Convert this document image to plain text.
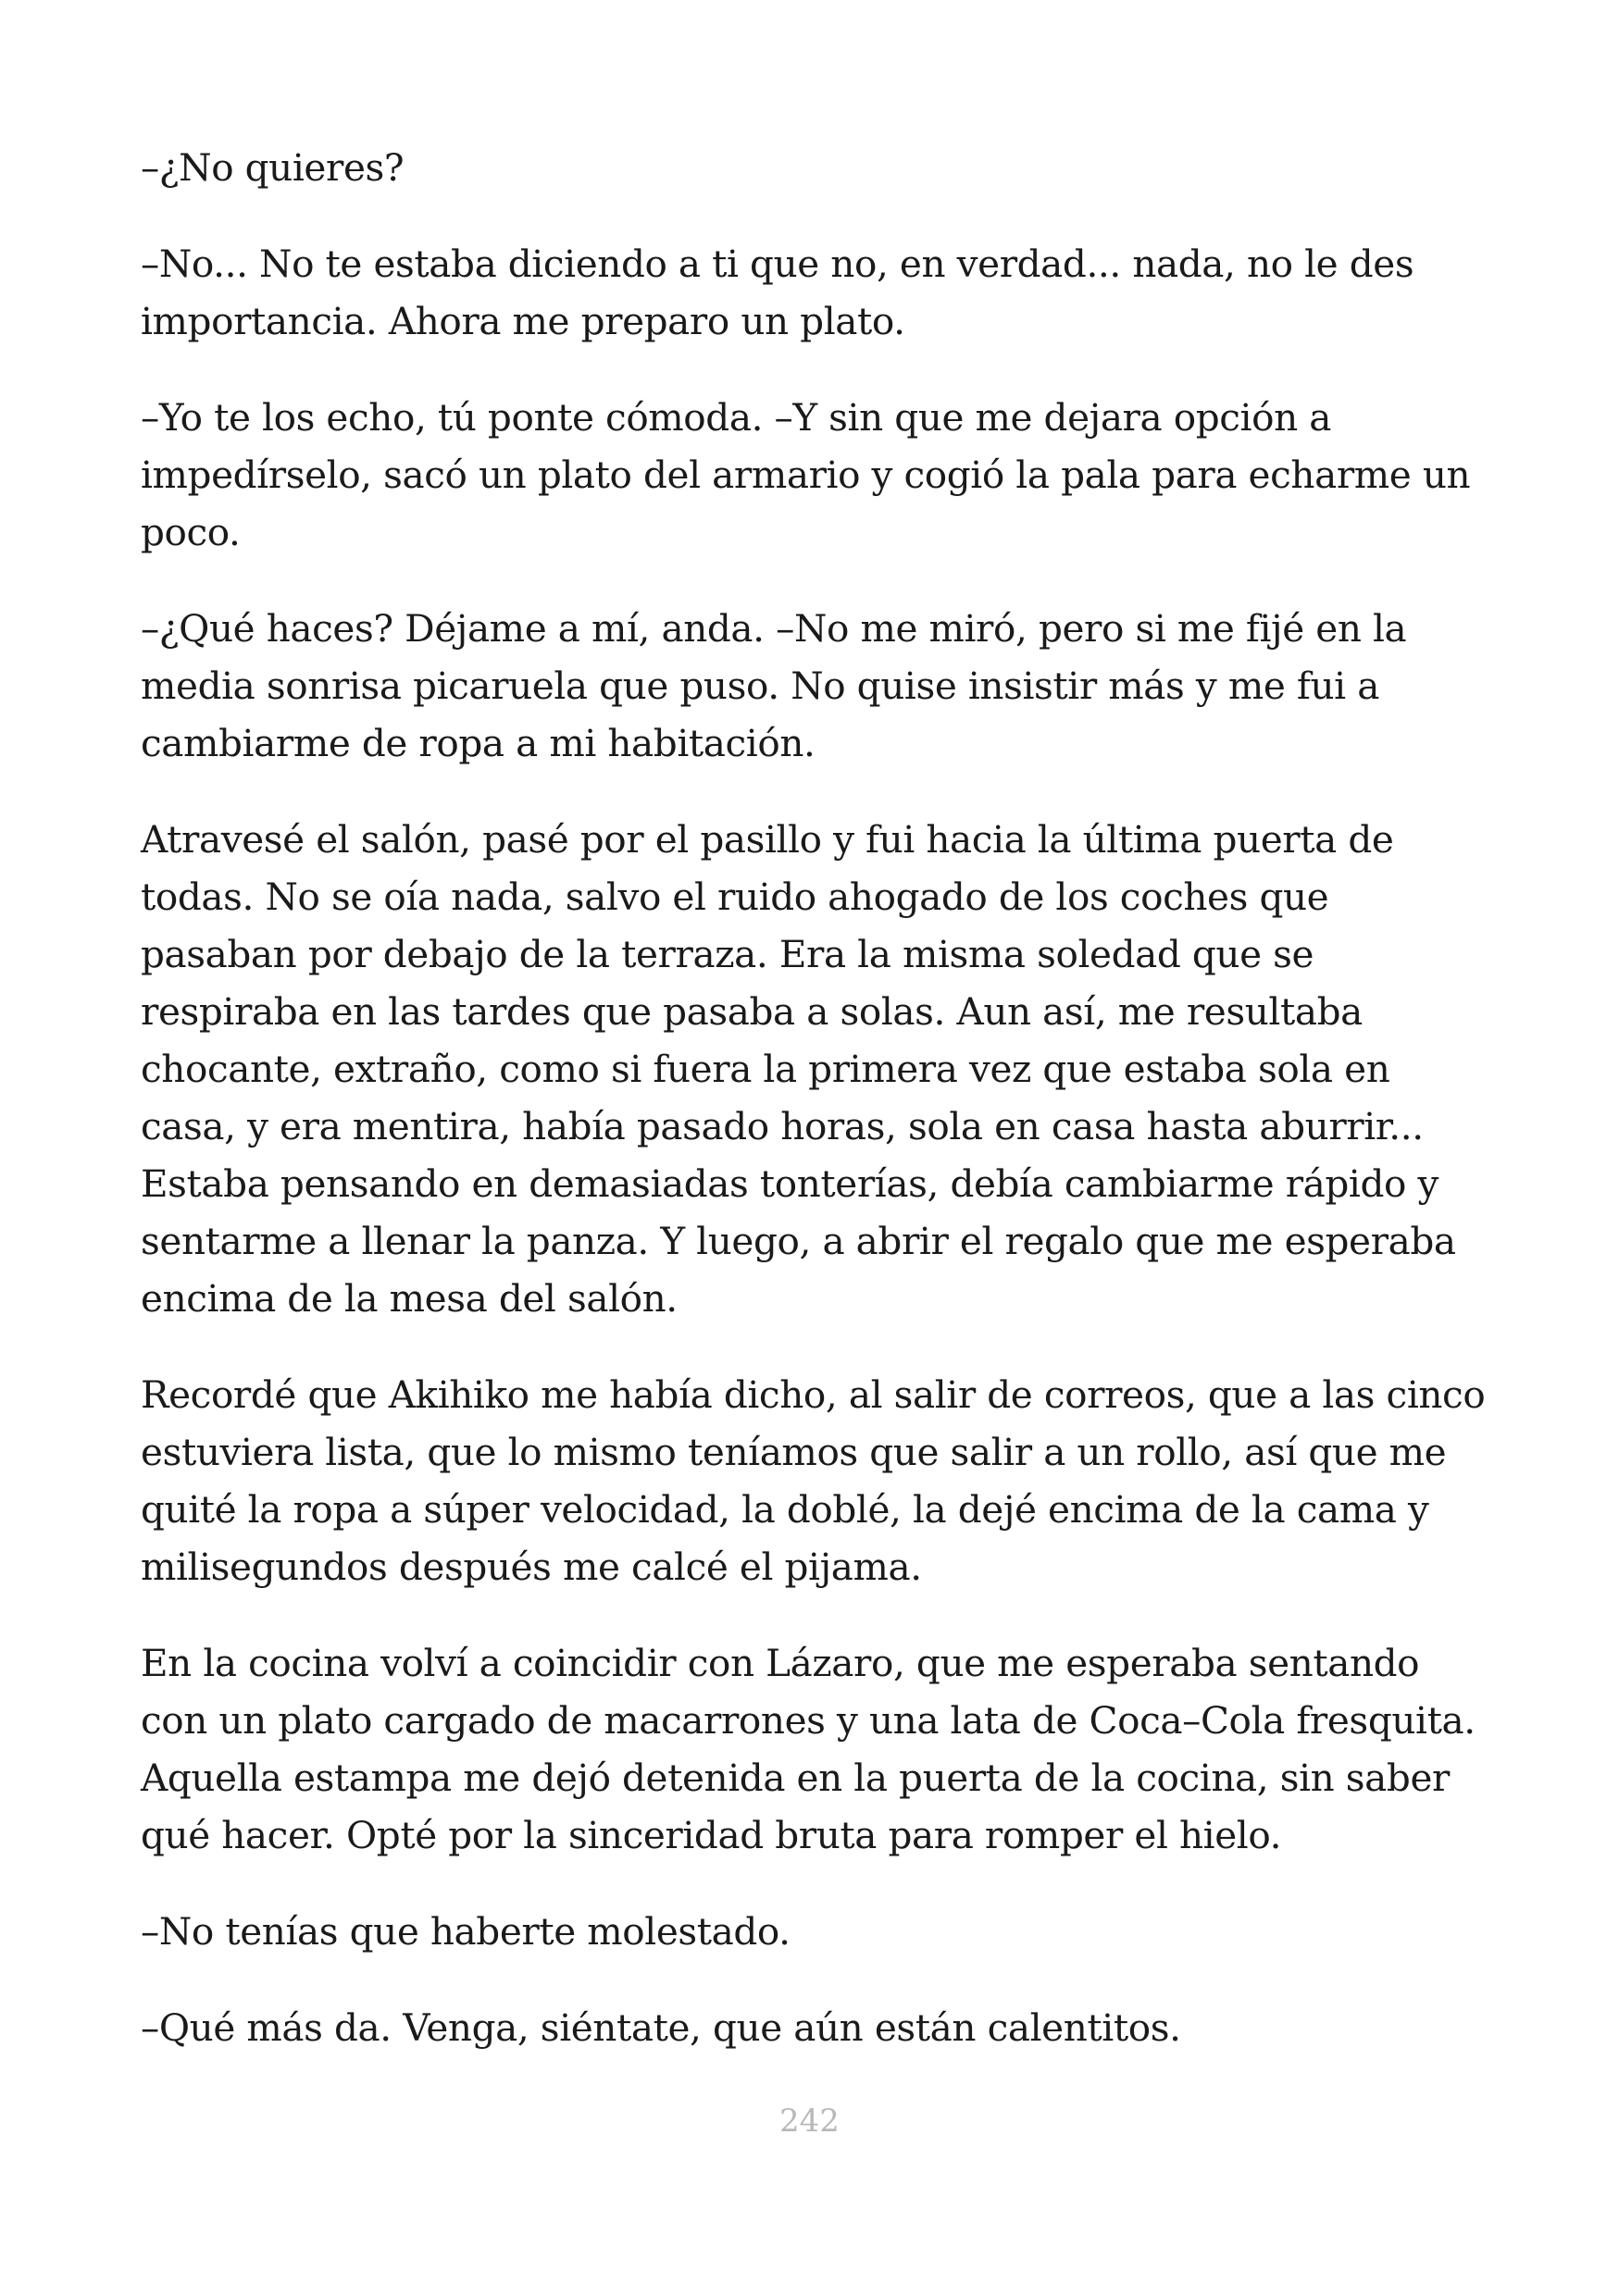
–¿No quieres?

–No... No te estaba diciendo a ti que no, en verdad... nada, no le des importancia. Ahora me preparo un plato.

–Yo te los echo, tú ponte cómoda. –Y sin que me dejara opción a impedírselo, sacó un plato del armario y cogió la pala para echarme un poco.

–¿Qué haces? Déjame a mí, anda. –No me miró, pero si me fijé en la media sonrisa picaruela que puso. No quise insistir más y me fui a cambiarme de ropa a mi habitación.

Atravesé el salón, pasé por el pasillo y fui hacia la última puerta de todas. No se oía nada, salvo el ruido ahogado de los coches que pasaban por debajo de la terraza. Era la misma soledad que se respiraba en las tardes que pasaba a solas. Aun así, me resultaba chocante, extraño, como si fuera la primera vez que estaba sola en casa, y era mentira, había pasado horas, sola en casa hasta aburrir... Estaba pensando en demasiadas tonterías, debía cambiarme rápido y sentarme a llenar la panza. Y luego, a abrir el regalo que me esperaba encima de la mesa del salón.

Recordé que Akihiko me había dicho, al salir de correos, que a las cinco estuviera lista, que lo mismo teníamos que salir a un rollo, así que me quité la ropa a súper velocidad, la doblé, la dejé encima de la cama y milisegundos después me calcé el pijama.

En la cocina volví a coincidir con Lázaro, que me esperaba sentando con un plato cargado de macarrones y una lata de Coca–Cola fresquita. Aquella estampa me dejó detenida en la puerta de la cocina, sin saber qué hacer. Opté por la sinceridad bruta para romper el hielo.

–No tenías que haberte molestado.

–Qué más da. Venga, siéntate, que aún están calentitos.

242
